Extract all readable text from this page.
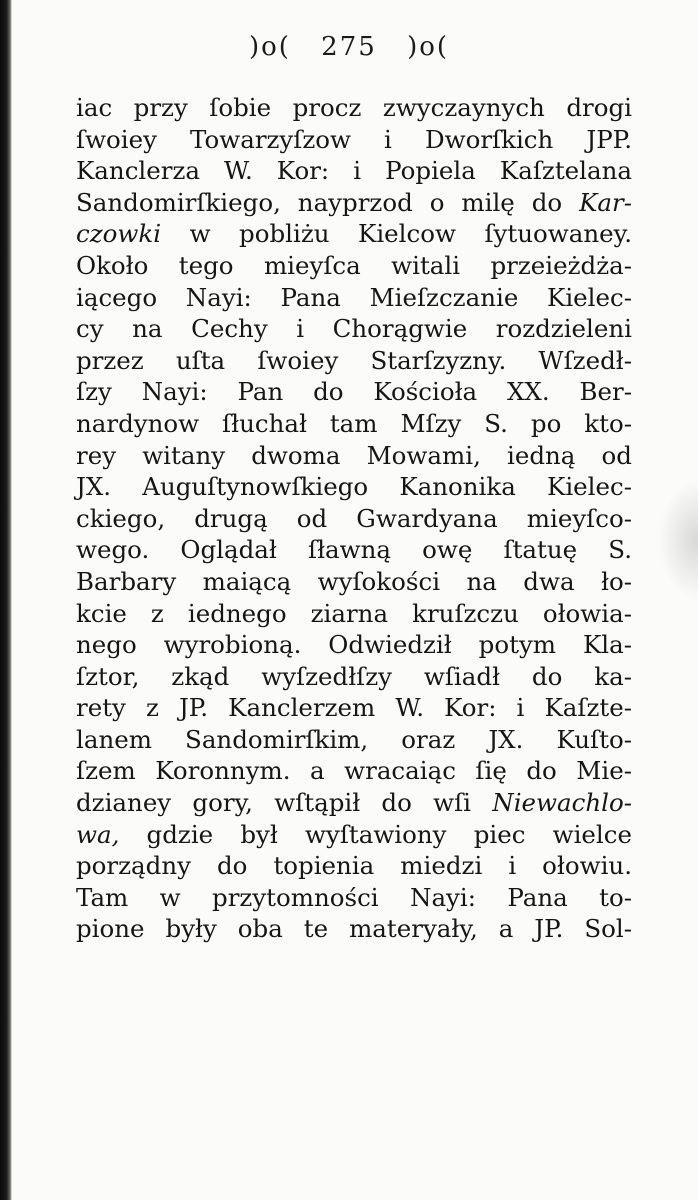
)o( 275 )o(
iac przy ſobie procz zwyczaynych drogi
ſwoiey Towarzyſzow i Dworſkich JPP.
Kanclerza W. Kor: i Popiela Kaſztelana
Sandomirſkiego, nayprzod o milę do Kar-
czowki w pobliżu Kielcow ſytuowaney.
Około tego mieyſca witali przeieżdża-
iącego Nayi: Pana Mieſzczanie Kielec-
cy na Cechy i Chorągwie rozdzieleni
przez uſta ſwoiey Starſzyzny. Wſzedł-
ſzy Nayi: Pan do Kościoła XX. Ber-
nardynow ſłuchał tam Mſzy S. po kto-
rey witany dwoma Mowami, iedną od
JX. Auguſtynowſkiego Kanonika Kielec-
ckiego, drugą od Gwardyana mieyſco-
wego. Oglądał ſławną owę ſtatuę S.
Barbary maiącą wyſokości na dwa ło-
kcie z iednego ziarna kruſzczu ołowia-
nego wyrobioną. Odwiedził potym Kla-
ſztor, zkąd wyſzedłſzy wſiadł do ka-
rety z JP. Kanclerzem W. Kor: i Kaſzte-
lanem Sandomirſkim, oraz JX. Kuſto-
ſzem Koronnym. a wracaiąc ſię do Mie-
dzianey gory, wſtąpił do wſi Niewachlo-
wa, gdzie był wyſtawiony piec wielce
porządny do topienia miedzi i ołowiu.
Tam w przytomności Nayi: Pana to-
pione były oba te materyały, a JP. Sol-
